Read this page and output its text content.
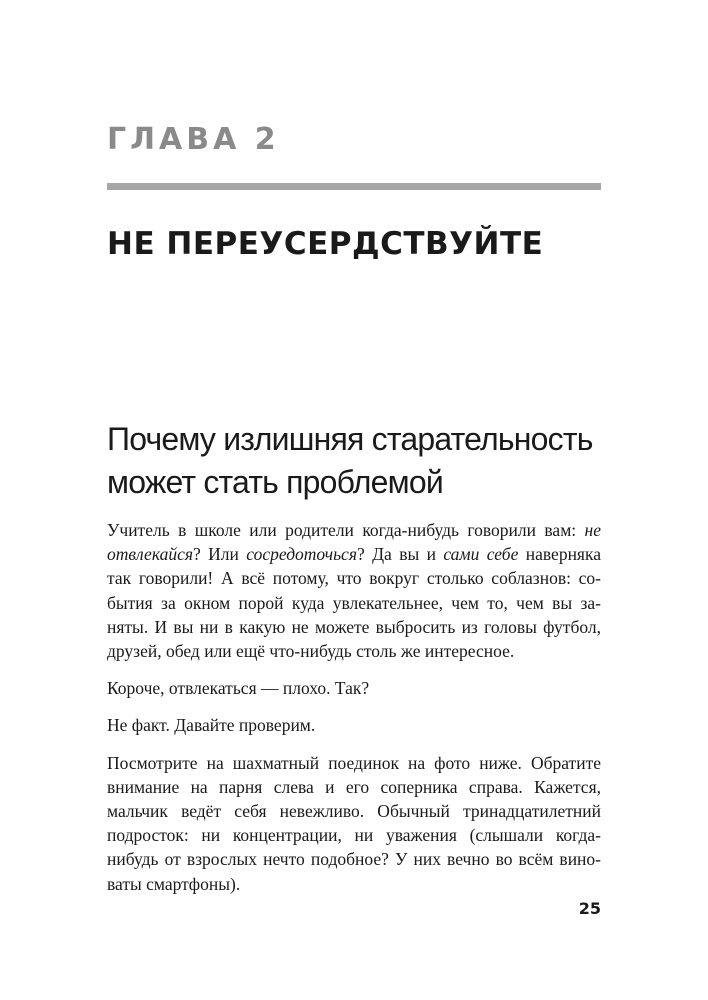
ГЛАВА 2
НЕ ПЕРЕУСЕРДСТВУЙТЕ
Почему излишняя старательность
может стать проблемой
Учитель в школе или родители когда-нибудь говорили вам: не
отвлекайся? Или сосредоточься? Да вы и сами себе наверняка
так говорили! А всё потому, что вокруг столько соблазнов: со-
бытия за окном порой куда увлекательнее, чем то, чем вы за-
няты. И вы ни в какую не можете выбросить из головы футбол,
друзей, обед или ещё что-нибудь столь же интересное.
Короче, отвлекаться — плохо. Так?
Не факт. Давайте проверим.
Посмотрите на шахматный поединок на фото ниже. Обратите
внимание на парня слева и его соперника справа. Кажется,
мальчик ведёт себя невежливо. Обычный тринадцатилетний
подросток: ни концентрации, ни уважения (слышали когда-
нибудь от взрослых нечто подобное? У них вечно во всём вино-
ваты смартфоны).
25
